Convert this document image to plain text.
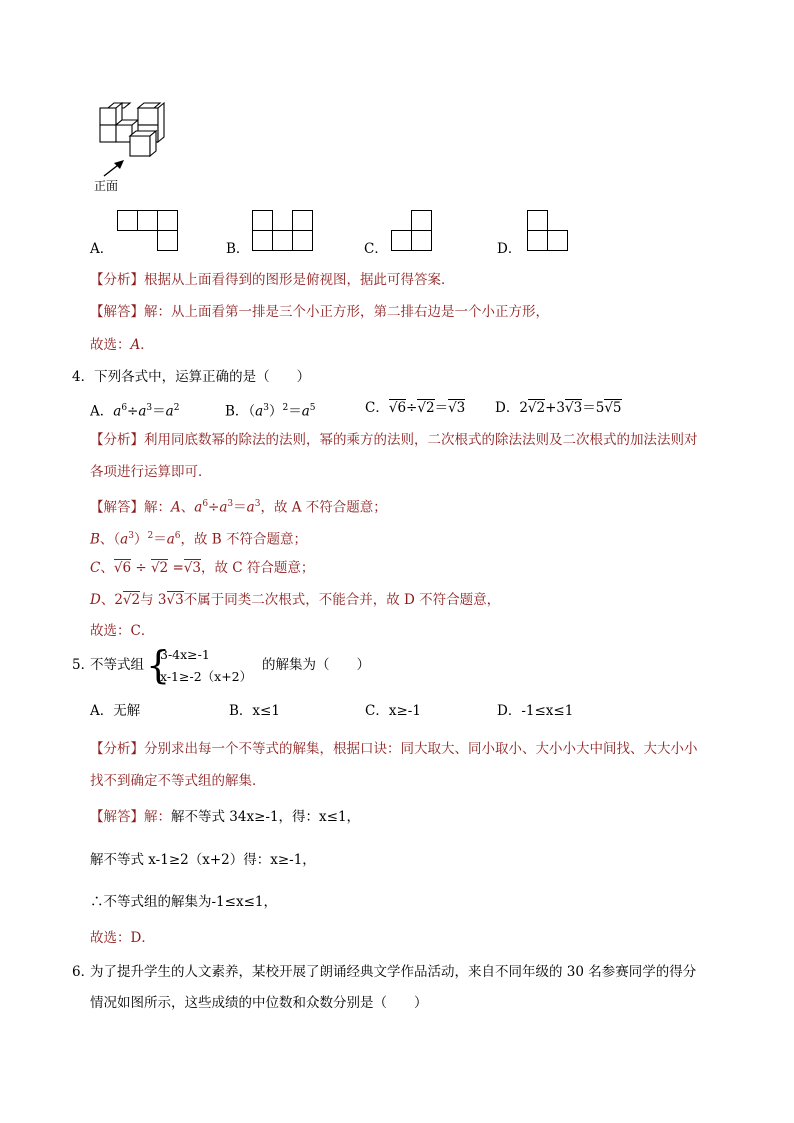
正面
A．	B．	C．	D．
【分析】根据从上面看得到的图形是俯视图，据此可得答案．
【解答】解：从上面看第一排是三个小正方形，第二排右边是一个小正方形，
故选：A．
4．下列各式中，运算正确的是（　　）
A．$a^6\div a^3=a^2$	B．$(a^3)^2=a^5$	C．√6÷√2＝√3 D．2√2+3√3＝5√5
【分析】利用同底数幂的除法的法则，幂的乘方的法则，二次根式的除法法则及二次根式的加法法则对
各项进行运算即可．
【解答】解：A、$a^6\div a^3=a^3$，故 A 不符合题意；
B、$(a^3)^2=a^6$，故 B 不符合题意；
C、√6 ÷ √2 =√3，故 C 符合题意；
D、2√2与 3√3不属于同类二次根式，不能合并，故 D 不符合题意，
故选：C．
5．
不等式组 {
3-4x≥-1
x-1≥-2（x+2）
的解集为（　　）
A．无解	B．x≤1	C．x≥-1	D．-1≤x≤1
【分析】分别求出每一个不等式的解集，根据口诀：同大取大、同小取小、大小小大中间找、大大小小
找不到确定不等式组的解集．
【解答】解：解不等式 34x≥-1，得：x≤1，
解不等式 x-1≥2（x+2）得：x≥-1，
∴不等式组的解集为-1≤x≤1，
故选：D．
6．
为了提升学生的人文素养，某校开展了朗诵经典文学作品活动，来自不同年级的 30 名参赛同学的得分
情况如图所示，这些成绩的中位数和众数分别是（　　）
